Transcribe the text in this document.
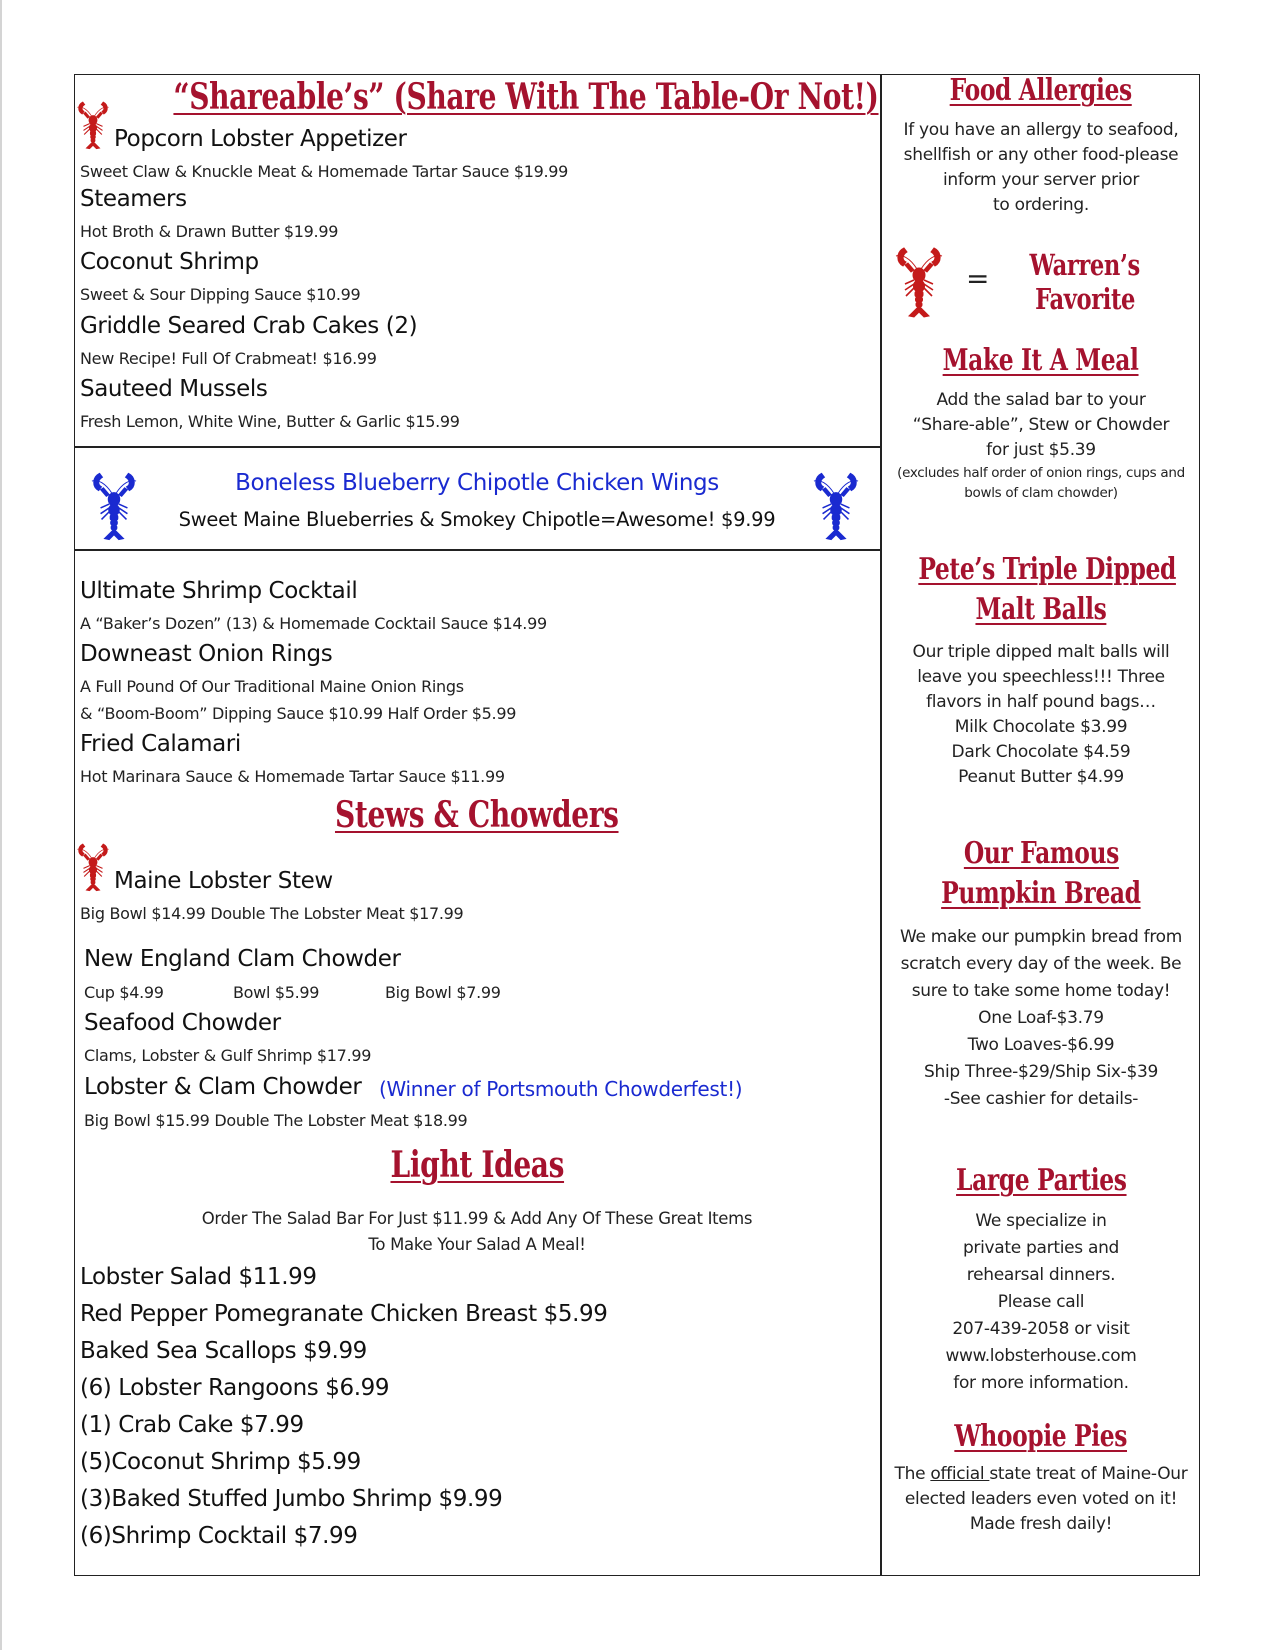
“Shareable’s” (Share With The Table-Or Not!)
Popcorn Lobster Appetizer
Sweet Claw & Knuckle Meat & Homemade Tartar Sauce $19.99
Steamers
Hot Broth & Drawn Butter $19.99
Coconut Shrimp
Sweet & Sour Dipping Sauce $10.99
Griddle Seared Crab Cakes (2)
New Recipe! Full Of Crabmeat! $16.99
Sauteed Mussels
Fresh Lemon, White Wine, Butter & Garlic $15.99
Boneless Blueberry Chipotle Chicken Wings
Sweet Maine Blueberries & Smokey Chipotle=Awesome! $9.99
Ultimate Shrimp Cocktail
A “Baker’s Dozen” (13) & Homemade Cocktail Sauce $14.99
Downeast Onion Rings
A Full Pound Of Our Traditional Maine Onion Rings
& “Boom-Boom” Dipping Sauce $10.99 Half Order $5.99
Fried Calamari
Hot Marinara Sauce & Homemade Tartar Sauce $11.99
Stews & Chowders
Maine Lobster Stew
Big Bowl $14.99 Double The Lobster Meat $17.99
New England Clam Chowder
Cup $4.99	Bowl $5.99	Big Bowl $7.99
Seafood Chowder
Clams, Lobster & Gulf Shrimp $17.99
Lobster & Clam Chowder (Winner of Portsmouth Chowderfest!)
Big Bowl $15.99 Double The Lobster Meat $18.99
Light Ideas
Order The Salad Bar For Just $11.99 & Add Any Of These Great Items
To Make Your Salad A Meal!
Lobster Salad $11.99
Red Pepper Pomegranate Chicken Breast $5.99
Baked Sea Scallops $9.99
(6) Lobster Rangoons $6.99
(1) Crab Cake $7.99
(5)Coconut Shrimp $5.99
(3)Baked Stuffed Jumbo Shrimp $9.99
(6)Shrimp Cocktail $7.99
Food Allergies
If you have an allergy to seafood,
shellfish or any other food-please
inform your server prior
to ordering.
=	Warren’s
Favorite
Make It A Meal
Add the salad bar to your
“Share-able”, Stew or Chowder
for just $5.39
(excludes half order of onion rings, cups and
bowls of clam chowder)
Pete’s Triple Dipped
Malt Balls
Our triple dipped malt balls will
leave you speechless!!! Three
flavors in half pound bags…
Milk Chocolate $3.99
Dark Chocolate $4.59
Peanut Butter $4.99
Our Famous
Pumpkin Bread
We make our pumpkin bread from
scratch every day of the week. Be
sure to take some home today!
One Loaf-$3.79
Two Loaves-$6.99
Ship Three-$29/Ship Six-$39
-See cashier for details-
Large Parties
We specialize in
private parties and
rehearsal dinners.
Please call
207-439-2058 or visit
www.lobsterhouse.com
for more information.
Whoopie Pies
The official state treat of Maine-Our
elected leaders even voted on it!
Made fresh daily!
